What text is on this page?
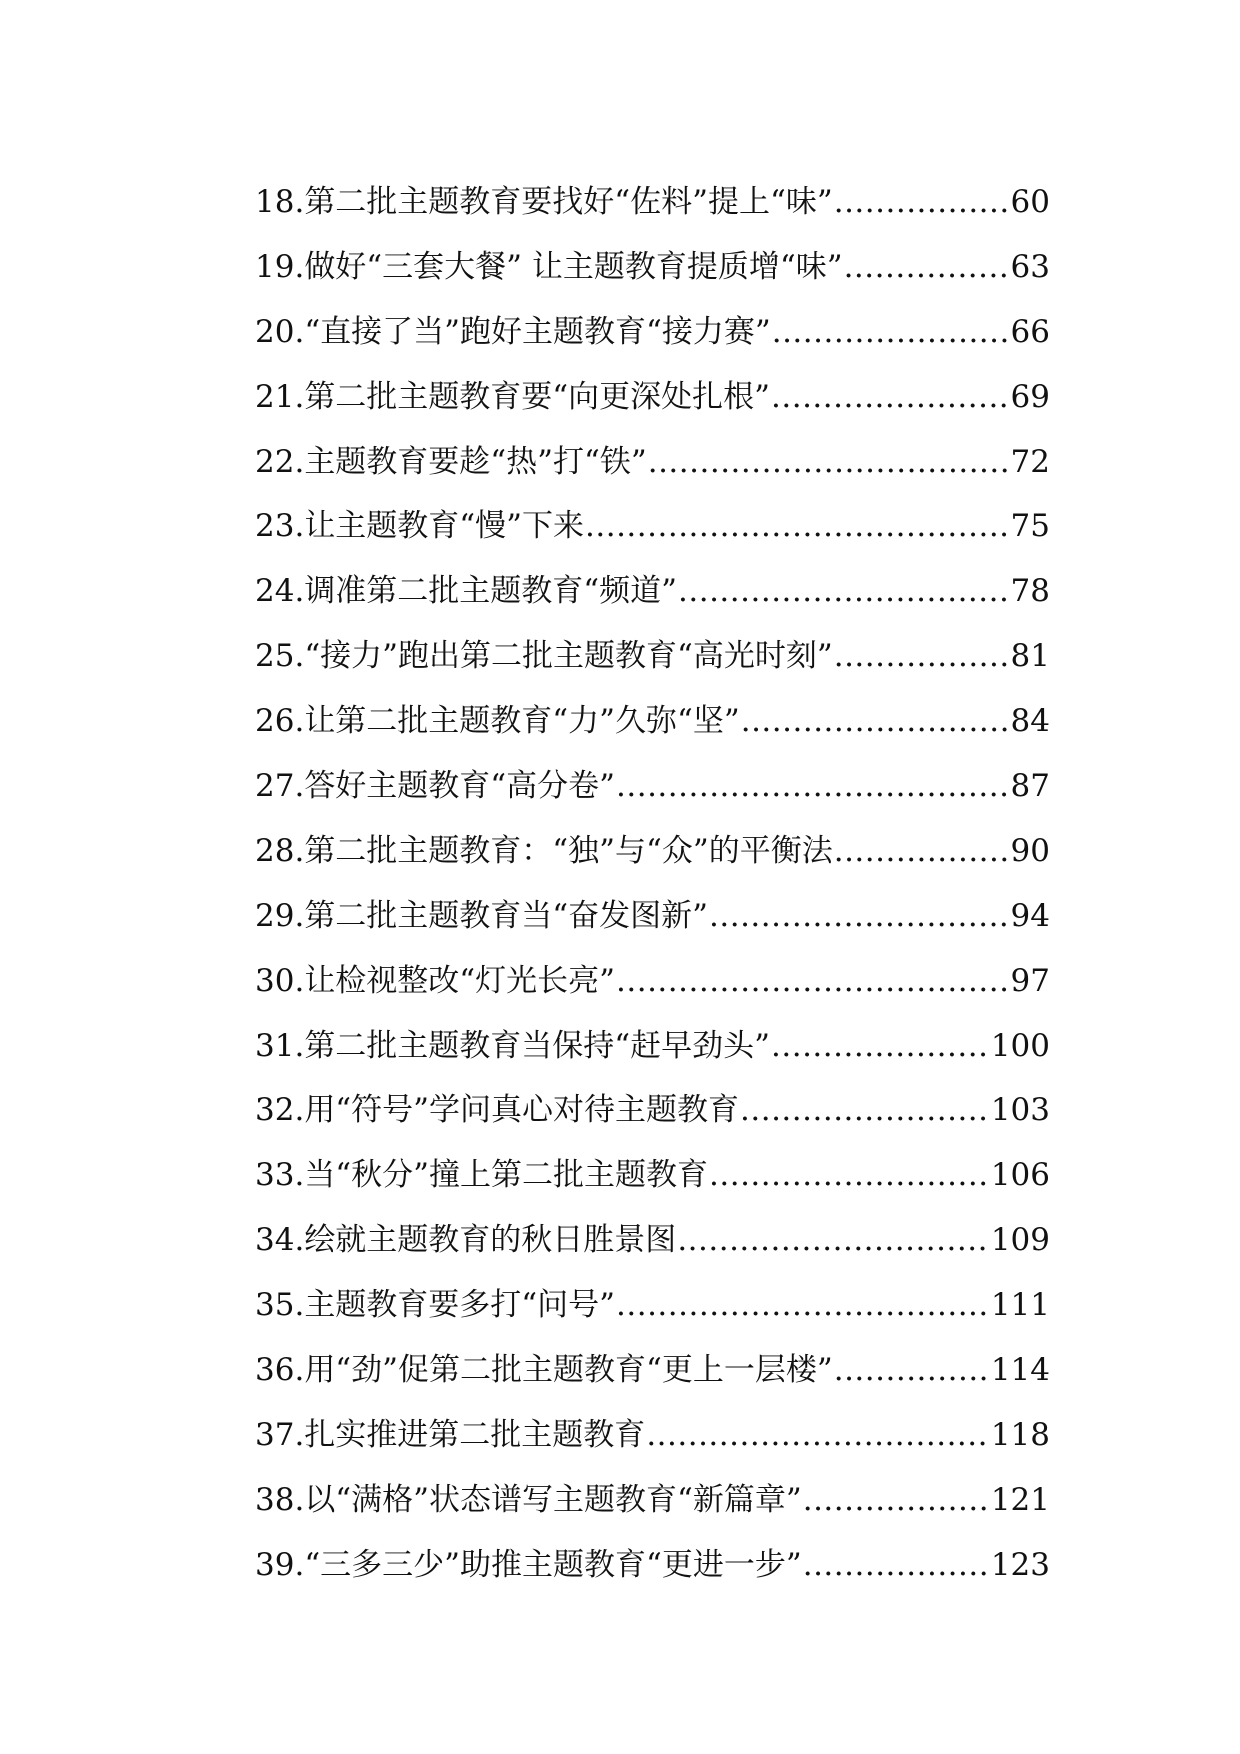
18. 第二批主题教育要找好“佐料”提上“味” .....	60
19. 做好“三套大餐” 让主题教育提质增“味” .....	63
20. “直接了当”跑好主题教育“接力赛” .....	66
21. 第二批主题教育要“向更深处扎根” .....	69
22. 主题教育要趁“热”打“铁” .....	72
23. 让主题教育“慢”下来 .....	75
24. 调准第二批主题教育“频道” .....	78
25. “接力”跑出第二批主题教育“高光时刻” .....	81
26. 让第二批主题教育“力”久弥“坚” .....	84
27. 答好主题教育“高分卷” .....	87
28. 第二批主题教育：“独”与“众”的平衡法 .....	90
29. 第二批主题教育当“奋发图新” .....	94
30. 让检视整改“灯光长亮” .....	97
31. 第二批主题教育当保持“赶早劲头” .....	100
32. 用“符号”学问真心对待主题教育 .....	103
33. 当“秋分”撞上第二批主题教育 .....	106
34. 绘就主题教育的秋日胜景图 .....	109
35. 主题教育要多打“问号” .....	111
36. 用“劲”促第二批主题教育“更上一层楼” .....	114
37. 扎实推进第二批主题教育 .....	118
38. 以“满格”状态谱写主题教育“新篇章” .....	121
39. “三多三少”助推主题教育“更进一步” .....	123
